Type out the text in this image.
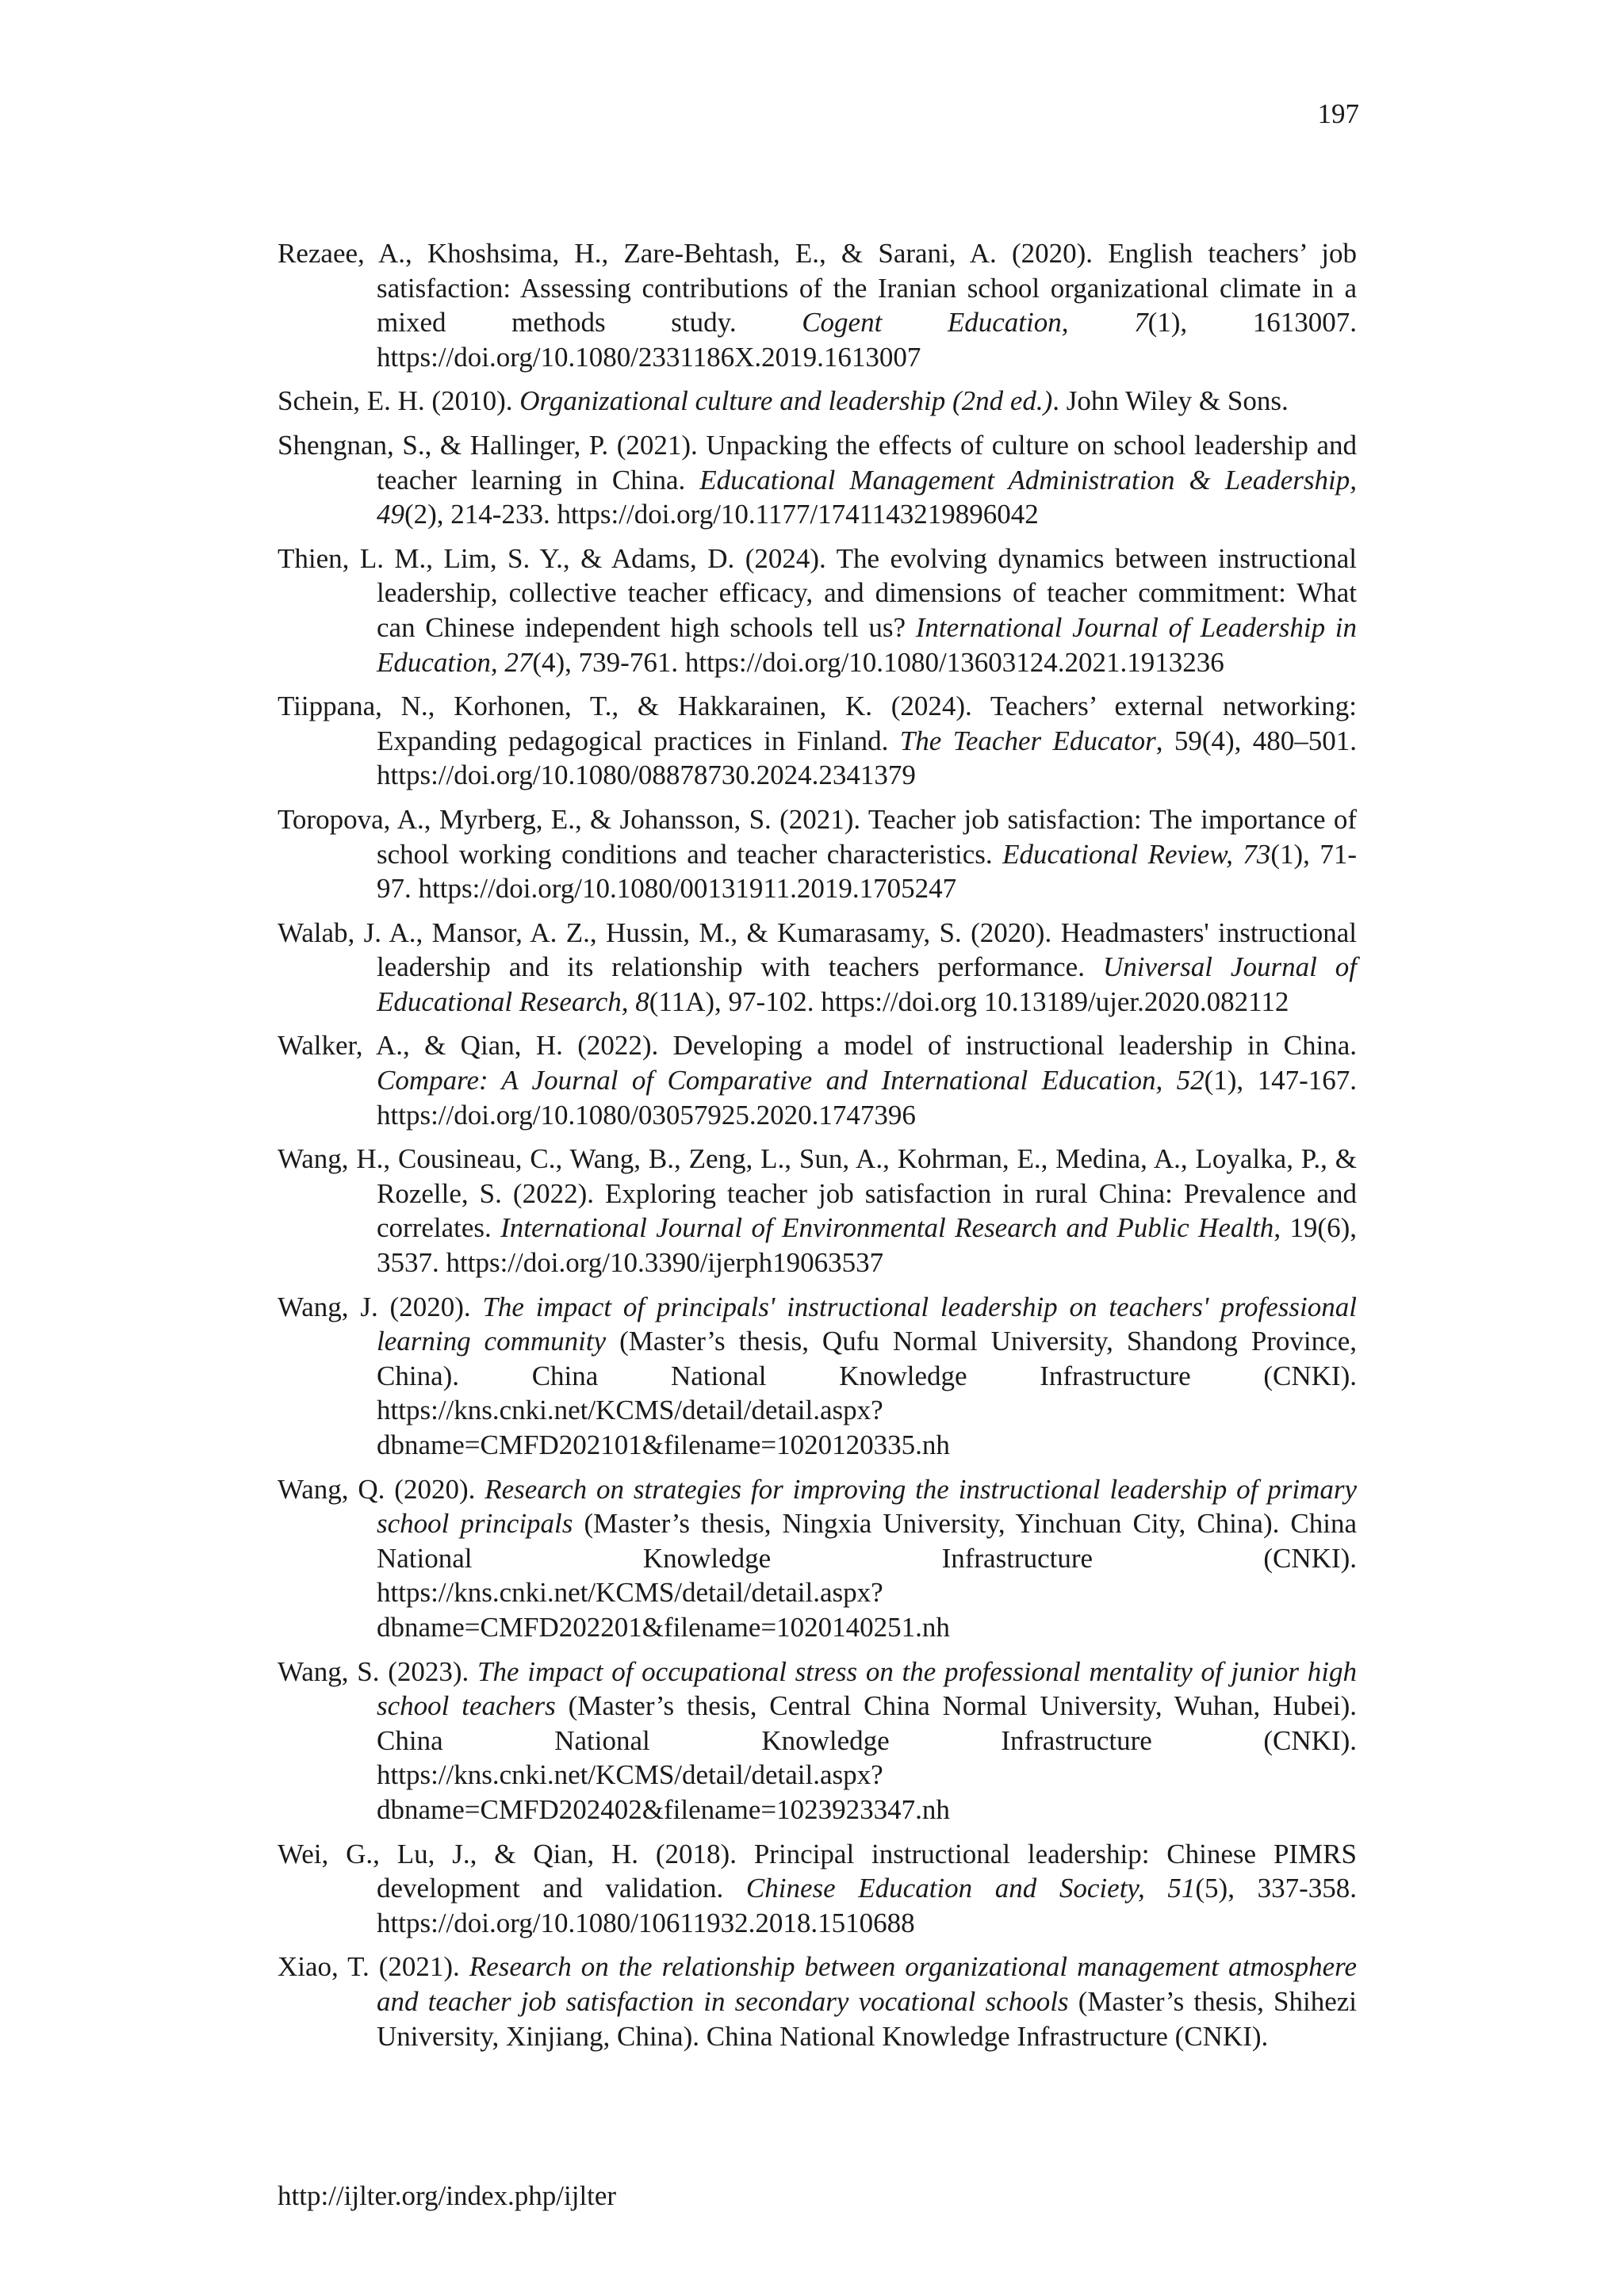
197
Rezaee, A., Khoshsima, H., Zare-Behtash, E., & Sarani, A. (2020). English teachers’ job satisfaction: Assessing contributions of the Iranian school organizational climate in a mixed methods study. Cogent Education, 7(1), 1613007. https://doi.org/10.1080/2331186X.2019.1613007
Schein, E. H. (2010). Organizational culture and leadership (2nd ed.). John Wiley & Sons.
Shengnan, S., & Hallinger, P. (2021). Unpacking the effects of culture on school leadership and teacher learning in China. Educational Management Administration & Leadership, 49(2), 214-233. https://doi.org/10.1177/1741143219896042
Thien, L. M., Lim, S. Y., & Adams, D. (2024). The evolving dynamics between instructional leadership, collective teacher efficacy, and dimensions of teacher commitment: What can Chinese independent high schools tell us? International Journal of Leadership in Education, 27(4), 739-761. https://doi.org/10.1080/13603124.2021.1913236
Tiippana, N., Korhonen, T., & Hakkarainen, K. (2024). Teachers’ external networking: Expanding pedagogical practices in Finland. The Teacher Educator, 59(4), 480–501. https://doi.org/10.1080/08878730.2024.2341379
Toropova, A., Myrberg, E., & Johansson, S. (2021). Teacher job satisfaction: The importance of school working conditions and teacher characteristics. Educational Review, 73(1), 71-97. https://doi.org/10.1080/00131911.2019.1705247
Walab, J. A., Mansor, A. Z., Hussin, M., & Kumarasamy, S. (2020). Headmasters' instructional leadership and its relationship with teachers performance. Universal Journal of Educational Research, 8(11A), 97-102. https://doi.org 10.13189/ujer.2020.082112
Walker, A., & Qian, H. (2022). Developing a model of instructional leadership in China. Compare: A Journal of Comparative and International Education, 52(1), 147-167. https://doi.org/10.1080/03057925.2020.1747396
Wang, H., Cousineau, C., Wang, B., Zeng, L., Sun, A., Kohrman, E., Medina, A., Loyalka, P., & Rozelle, S. (2022). Exploring teacher job satisfaction in rural China: Prevalence and correlates. International Journal of Environmental Research and Public Health, 19(6), 3537. https://doi.org/10.3390/ijerph19063537
Wang, J. (2020). The impact of principals' instructional leadership on teachers' professional learning community (Master’s thesis, Qufu Normal University, Shandong Province, China). China National Knowledge Infrastructure (CNKI). https://kns.cnki.net/KCMS/detail/detail.aspx?dbname=CMFD202101&filename=1020120335.nh
Wang, Q. (2020). Research on strategies for improving the instructional leadership of primary school principals (Master’s thesis, Ningxia University, Yinchuan City, China). China National Knowledge Infrastructure (CNKI). https://kns.cnki.net/KCMS/detail/detail.aspx?dbname=CMFD202201&filename=1020140251.nh
Wang, S. (2023). The impact of occupational stress on the professional mentality of junior high school teachers (Master’s thesis, Central China Normal University, Wuhan, Hubei). China National Knowledge Infrastructure (CNKI). https://kns.cnki.net/KCMS/detail/detail.aspx?dbname=CMFD202402&filename=1023923347.nh
Wei, G., Lu, J., & Qian, H. (2018). Principal instructional leadership: Chinese PIMRS development and validation. Chinese Education and Society, 51(5), 337-358. https://doi.org/10.1080/10611932.2018.1510688
Xiao, T. (2021). Research on the relationship between organizational management atmosphere and teacher job satisfaction in secondary vocational schools (Master’s thesis, Shihezi University, Xinjiang, China). China National Knowledge Infrastructure (CNKI).
http://ijlter.org/index.php/ijlter
